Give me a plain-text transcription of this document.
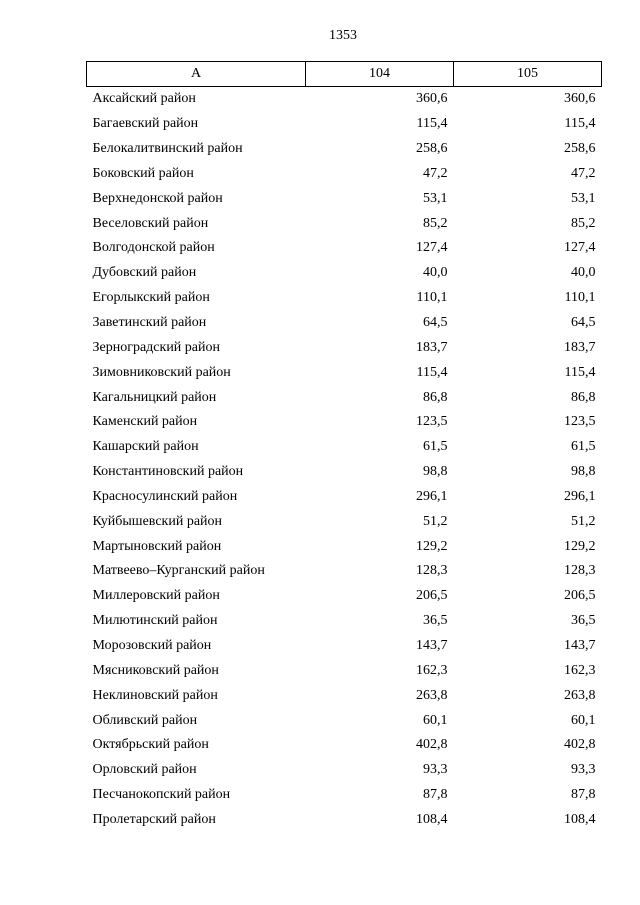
1353
А	104	105
Аксайский район	360,6	360,6
Багаевский район	115,4	115,4
Белокалитвинский район	258,6	258,6
Боковский район	47,2	47,2
Верхнедонской район	53,1	53,1
Веселовский район	85,2	85,2
Волгодонской район	127,4	127,4
Дубовский район	40,0	40,0
Егорлыкский район	110,1	110,1
Заветинский район	64,5	64,5
Зерноградский район	183,7	183,7
Зимовниковский район	115,4	115,4
Кагальницкий район	86,8	86,8
Каменский район	123,5	123,5
Кашарский район	61,5	61,5
Константиновский район	98,8	98,8
Красносулинский район	296,1	296,1
Куйбышевский район	51,2	51,2
Мартыновский район	129,2	129,2
Матвеево–Курганский район	128,3	128,3
Миллеровский район	206,5	206,5
Милютинский район	36,5	36,5
Морозовский район	143,7	143,7
Мясниковский район	162,3	162,3
Неклиновский район	263,8	263,8
Обливский район	60,1	60,1
Октябрьский район	402,8	402,8
Орловский район	93,3	93,3
Песчанокопский район	87,8	87,8
Пролетарский район	108,4	108,4
